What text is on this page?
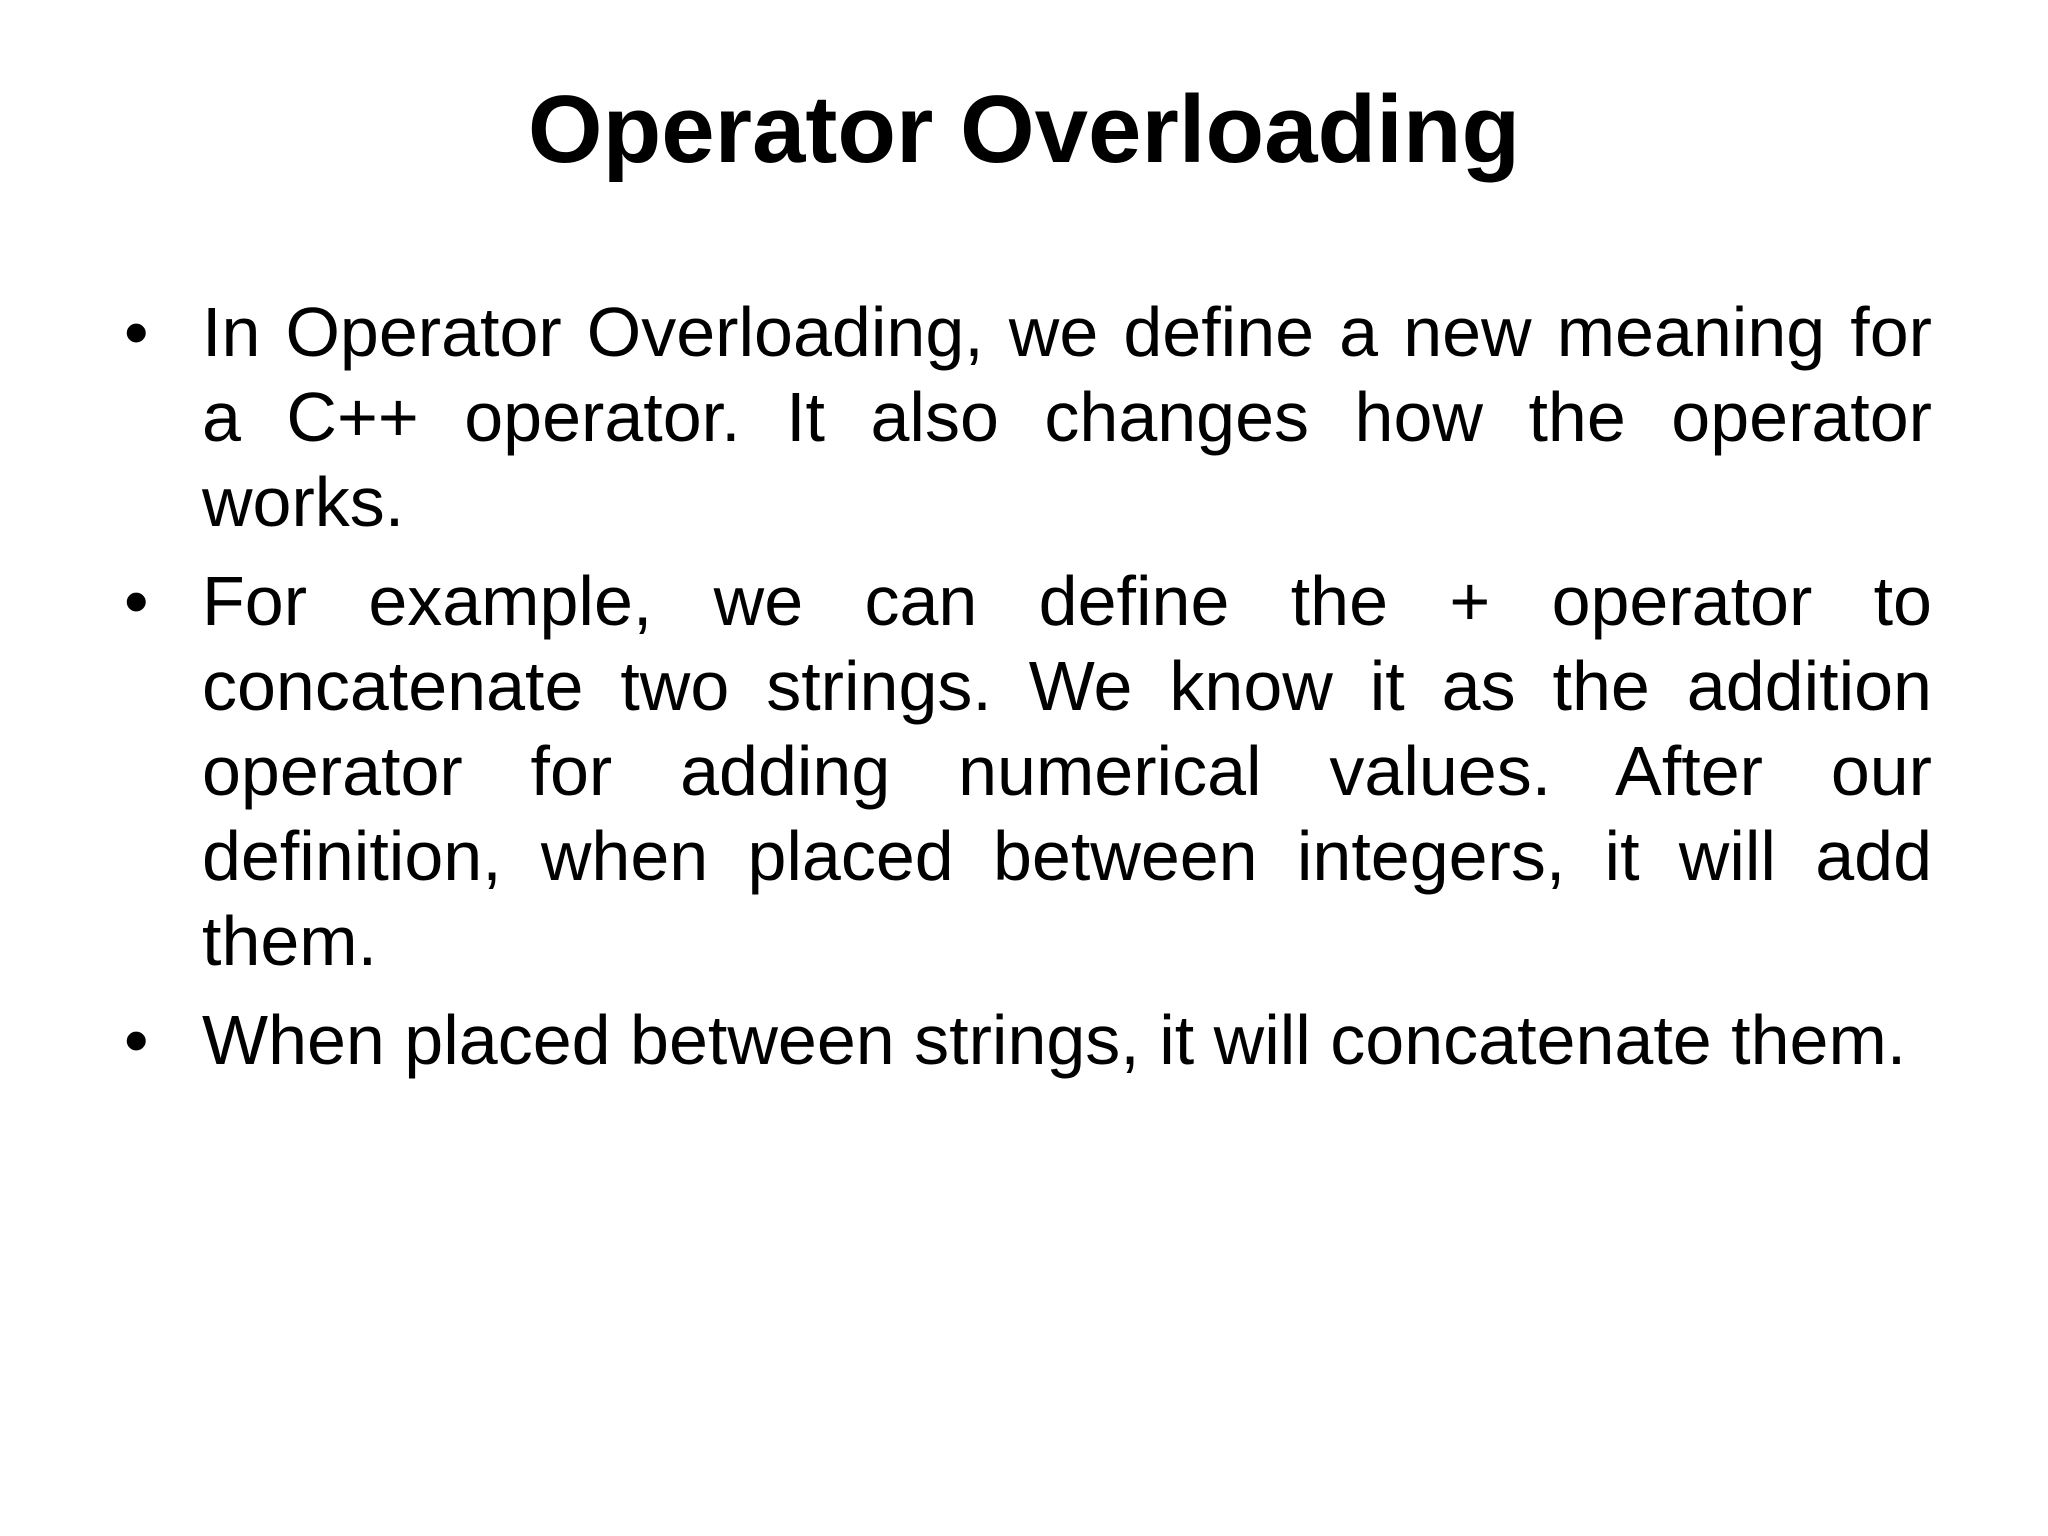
Operator Overloading
• In Operator Overloading, we define a new meaning for a C++ operator. It also changes how the operator works.
• For example, we can define the + operator to concatenate two strings. We know it as the addition operator for adding numerical values. After our definition, when placed between integers, it will add them.
• When placed between strings, it will concatenate them.
